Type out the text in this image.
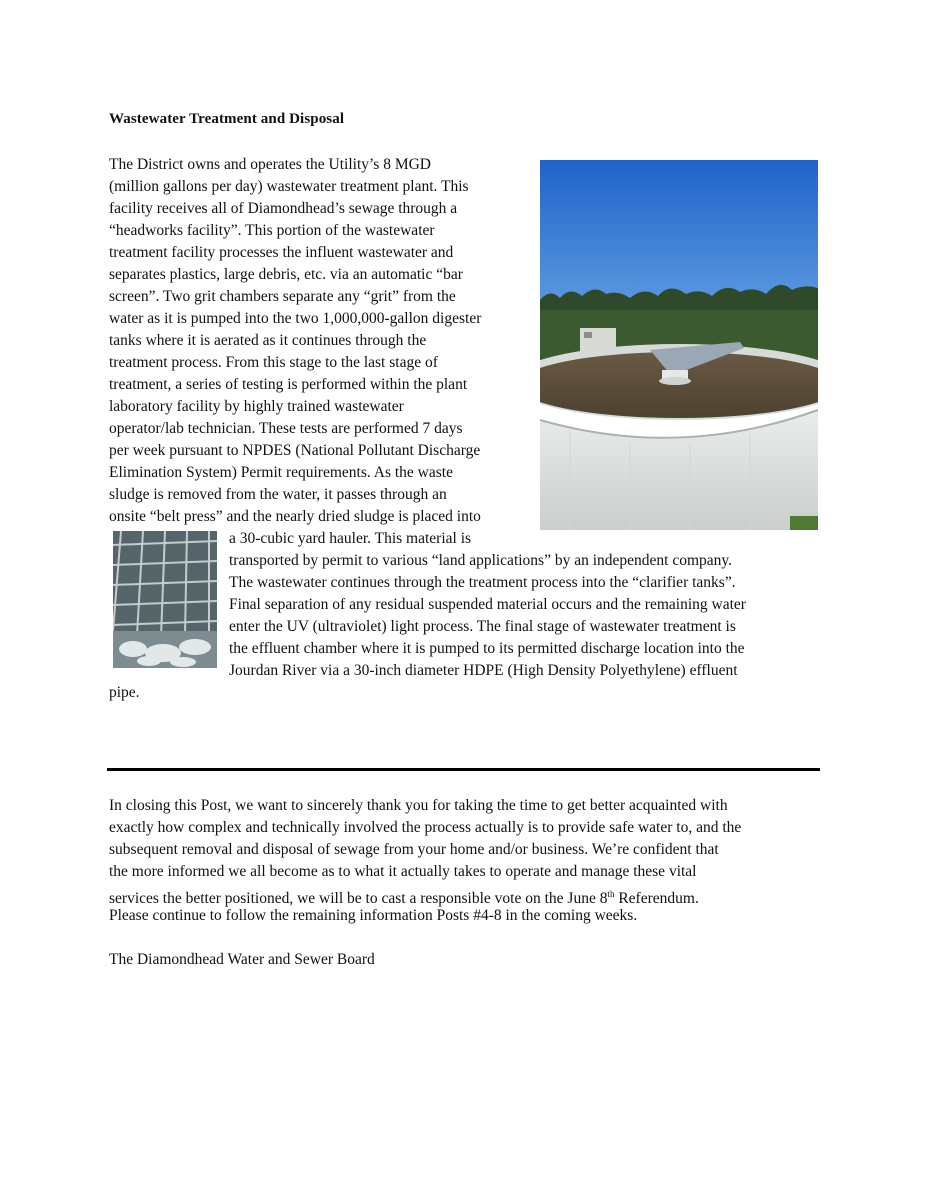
Wastewater Treatment and Disposal
The District owns and operates the Utility’s 8 MGD
(million gallons per day) wastewater treatment plant. This
facility receives all of Diamondhead’s sewage through a
“headworks facility”. This portion of the wastewater
treatment facility processes the influent wastewater and
separates plastics, large debris, etc. via an automatic “bar
screen”. Two grit chambers separate any “grit” from the
water as it is pumped into the two 1,000,000-gallon digester
tanks where it is aerated as it continues through the
treatment process. From this stage to the last stage of
treatment, a series of testing is performed within the plant
laboratory facility by highly trained wastewater
operator/lab technician. These tests are performed 7 days
per week pursuant to NPDES (National Pollutant Discharge
Elimination System) Permit requirements. As the waste
sludge is removed from the water, it passes through an
onsite “belt press” and the nearly dried sludge is placed into
a 30-cubic yard hauler. This material is
transported by permit to various “land applications” by an independent company.
The wastewater continues through the treatment process into the “clarifier tanks”.
Final separation of any residual suspended material occurs and the remaining water
enter the UV (ultraviolet) light process. The final stage of wastewater treatment is
the effluent chamber where it is pumped to its permitted discharge location into the
Jourdan River via a 30-inch diameter HDPE (High Density Polyethylene) effluent
pipe.
In closing this Post, we want to sincerely thank you for taking the time to get better acquainted with
exactly how complex and technically involved the process actually is to provide safe water to, and the
subsequent removal and disposal of sewage from your home and/or business. We’re confident that
the more informed we all become as to what it actually takes to operate and manage these vital
services the better positioned, we will be to cast a responsible vote on the June 8th Referendum.
Please continue to follow the remaining information Posts #4-8 in the coming weeks.
The Diamondhead Water and Sewer Board
